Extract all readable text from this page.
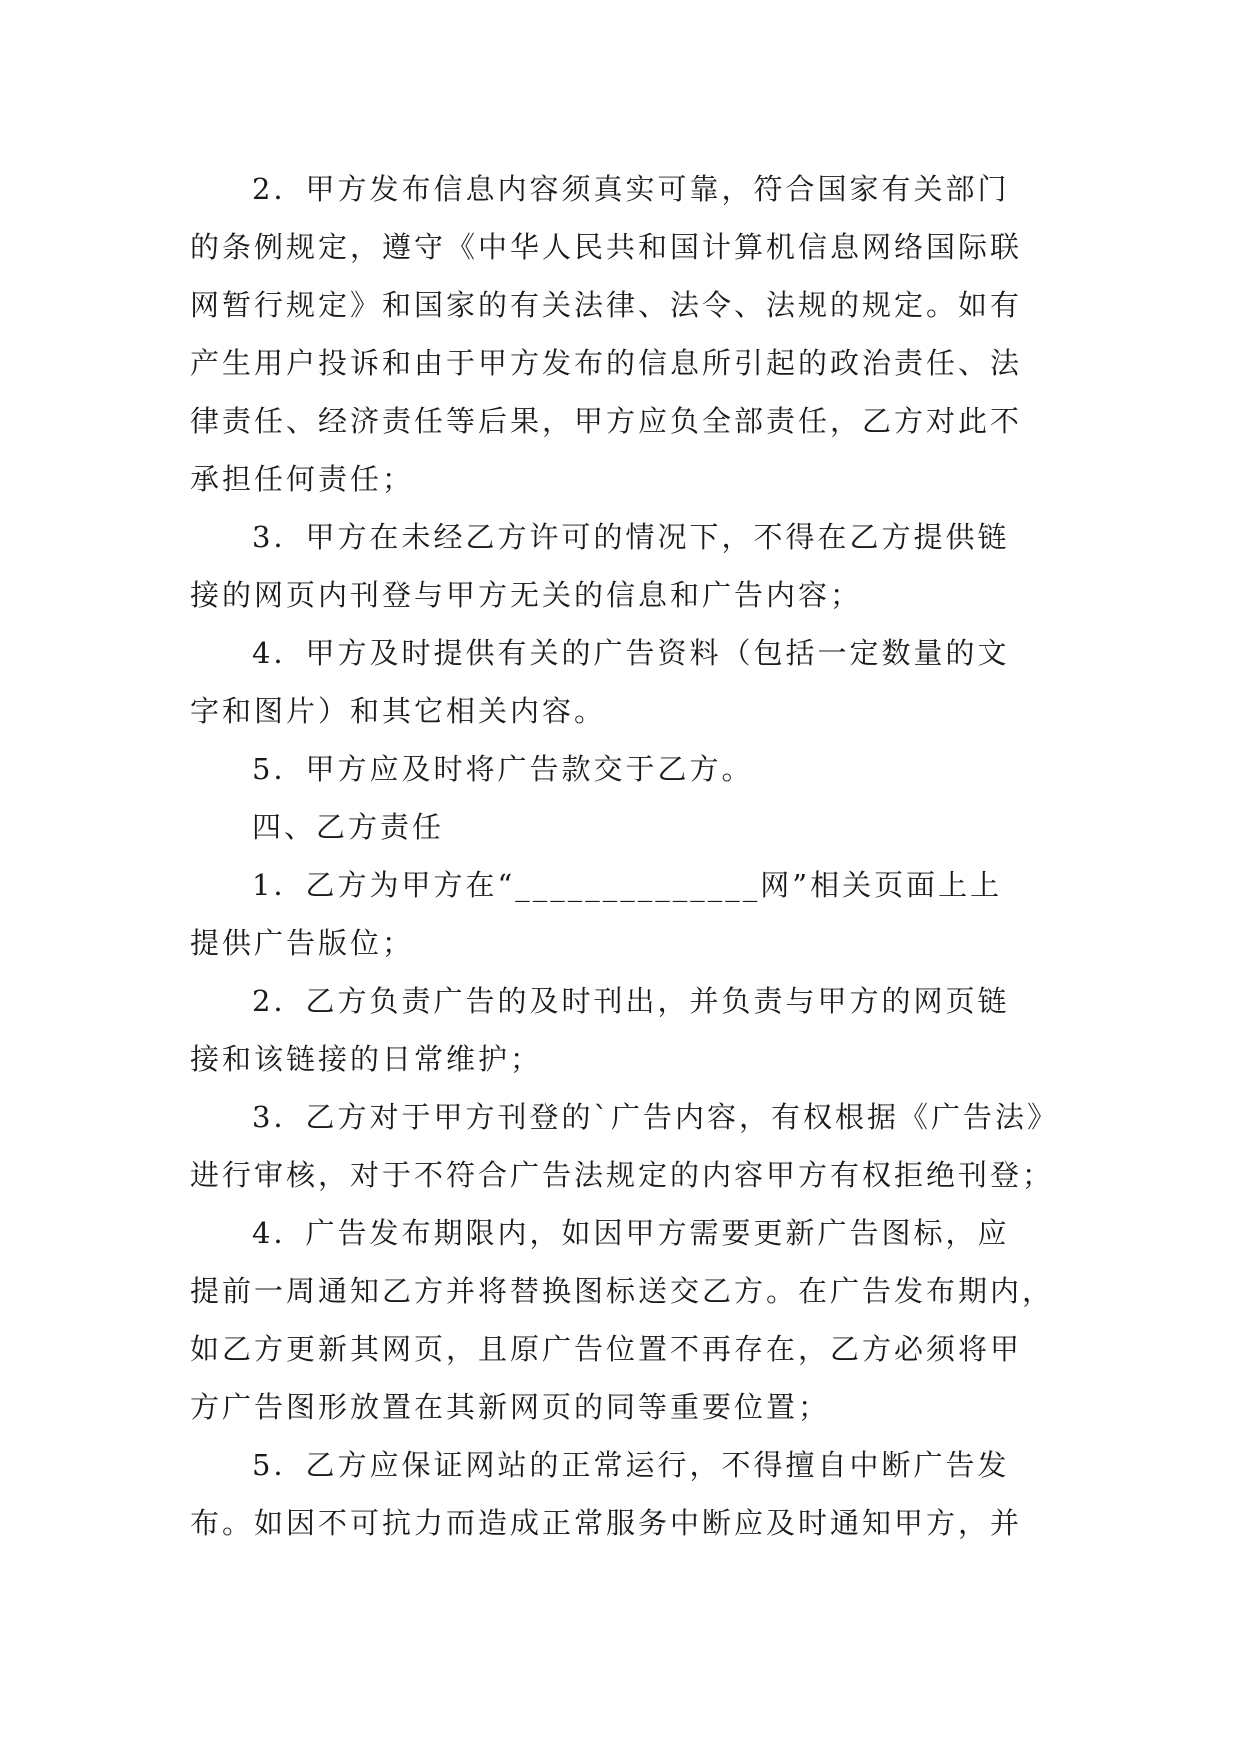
2．甲方发布信息内容须真实可靠，符合国家有关部门
的条例规定，遵守《中华人民共和国计算机信息网络国际联
网暂行规定》和国家的有关法律、法令、法规的规定。如有
产生用户投诉和由于甲方发布的信息所引起的政治责任、法
律责任、经济责任等后果，甲方应负全部责任，乙方对此不
承担任何责任；

3．甲方在未经乙方许可的情况下，不得在乙方提供链
接的网页内刊登与甲方无关的信息和广告内容；

4．甲方及时提供有关的广告资料（包括一定数量的文
字和图片）和其它相关内容。

5．甲方应及时将广告款交于乙方。

四、乙方责任

1．乙方为甲方在“______________网”相关页面上上
提供广告版位；

2．乙方负责广告的及时刊出，并负责与甲方的网页链
接和该链接的日常维护；

3．乙方对于甲方刊登的`广告内容，有权根据《广告法》
进行审核，对于不符合广告法规定的内容甲方有权拒绝刊登；

4．广告发布期限内，如因甲方需要更新广告图标，应
提前一周通知乙方并将替换图标送交乙方。在广告发布期内，
如乙方更新其网页，且原广告位置不再存在，乙方必须将甲
方广告图形放置在其新网页的同等重要位置；

5．乙方应保证网站的正常运行，不得擅自中断广告发
布。如因不可抗力而造成正常服务中断应及时通知甲方，并
